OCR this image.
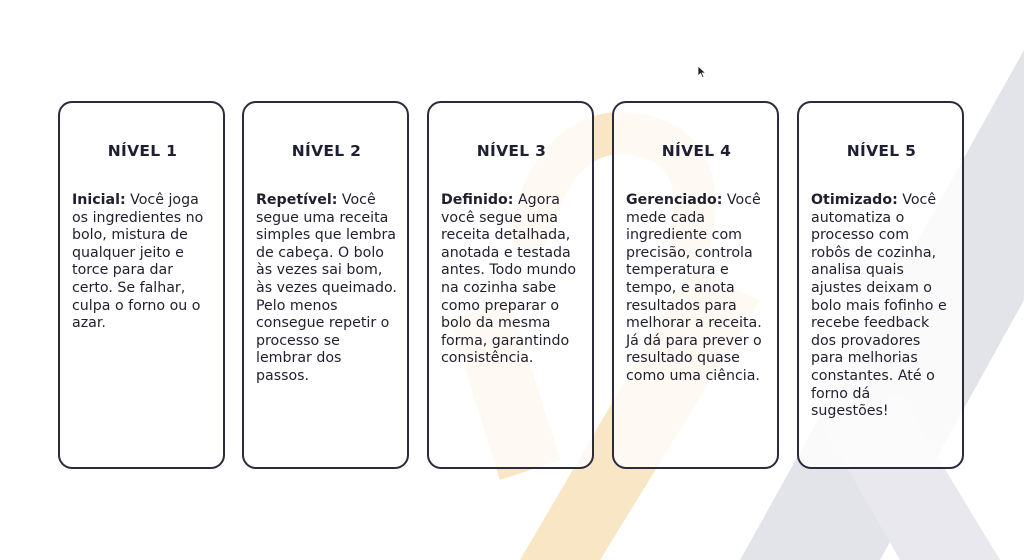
NÍVEL 1
Inicial: Você joga os ingredientes no bolo, mistura de qualquer jeito e torce para dar certo. Se falhar, culpa o forno ou o azar.
NÍVEL 2
Repetível: Você segue uma receita simples que lembra de cabeça. O bolo às vezes sai bom, às vezes queimado. Pelo menos consegue repetir o processo se lembrar dos passos.
NÍVEL 3
Definido: Agora você segue uma receita detalhada, anotada e testada antes. Todo mundo na cozinha sabe como preparar o bolo da mesma forma, garantindo consistência.
NÍVEL 4
Gerenciado: Você mede cada ingrediente com precisão, controla temperatura e tempo, e anota resultados para melhorar a receita. Já dá para prever o resultado quase como uma ciência.
NÍVEL 5
Otimizado: Você automatiza o processo com robôs de cozinha, analisa quais ajustes deixam o bolo mais fofinho e recebe feedback dos provadores para melhorias constantes. Até o forno dá sugestões!
